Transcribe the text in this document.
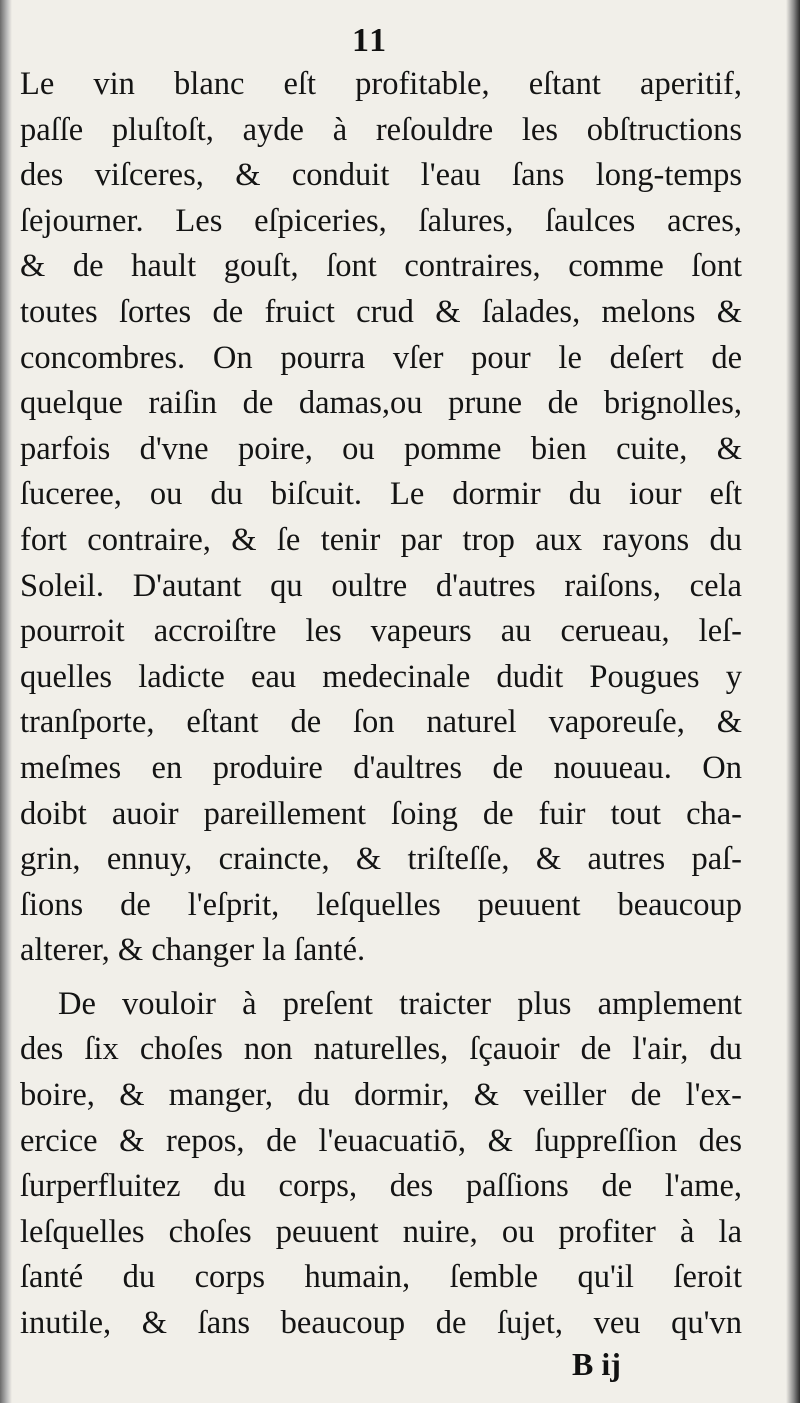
11
Le vin blanc eſt profitable, eſtant aperitif,
paſſe pluſtoſt, ayde à reſouldre les obſtructions
des viſceres, & conduit l'eau ſans long-temps
ſejourner. Les eſpiceries, ſalures, ſaulces acres,
& de hault gouſt, ſont contraires, comme ſont
toutes ſortes de fruict crud & ſalades, melons &
concombres. On pourra vſer pour le deſert de
quelque raiſin de damas,ou prune de brignolles,
parfois d'vne poire, ou pomme bien cuite, &
ſuceree, ou du biſcuit. Le dormir du iour eſt
fort contraire, & ſe tenir par trop aux rayons du
Soleil. D'autant qu oultre d'autres raiſons, cela
pourroit accroiſtre les vapeurs au cerueau, leſ-
quelles ladicte eau medecinale dudit Pougues y
tranſporte, eſtant de ſon naturel vaporeuſe, &
meſmes en produire d'aultres de nouueau. On
doibt auoir pareillement ſoing de fuir tout cha-
grin, ennuy, craincte, & triſteſſe, & autres paſ-
ſions de l'eſprit, leſquelles peuuent beaucoup
alterer, & changer la ſanté.
De vouloir à preſent traicter plus amplement
des ſix choſes non naturelles, ſçauoir de l'air, du
boire, & manger, du dormir, & veiller de l'ex-
ercice & repos, de l'euacuatiō, & ſuppreſſion des
ſurperfluitez du corps, des paſſions de l'ame,
leſquelles choſes peuuent nuire, ou profiter à la
ſanté du corps humain, ſemble qu'il ſeroit
inutile, & ſans beaucoup de ſujet, veu qu'vn
B ij
